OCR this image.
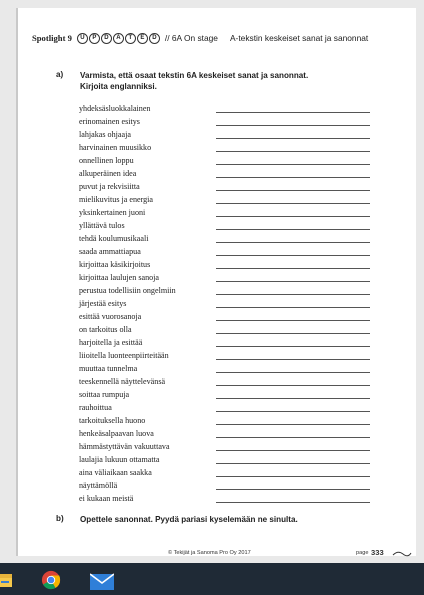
Spotlight 9	U	P	D	A	T	E	D // 6A On stage A-tekstin keskeiset sanat ja sanonnat
a) Varmista, että osaat tekstin 6A keskeiset sanat ja sanonnat.
Kirjoita englanniksi.
yhdeksäsluokkalainen
erinomainen esitys
lahjakas ohjaaja
harvinainen muusikko
onnellinen loppu
alkuperäinen idea
puvut ja rekvisiitta
mielikuvitus ja energia
yksinkertainen juoni
yllättävä tulos
tehdä koulumusikaali
saada ammattiapua
kirjoittaa käsikirjoitus
kirjoittaa laulujen sanoja
perustua todellisiin ongelmiin
järjestää esitys
esittää vuorosanoja
on tarkoitus olla
harjoitella ja esittää
liioitella luonteenpiirteitään
muuttaa tunnelma
teeskennellä näyttelevänsä
soittaa rumpuja
rauhoittua
tarkoituksella huono
henkeäsalpaavan luova
hämmästyttävän vakuuttava
laulajia lukuun ottamatta
aina väliaikaan saakka
näyttämöllä
ei kukaan meistä
b) Opettele sanonnat. Pyydä pariasi kyselemään ne sinulta.
© Tekijät ja Sanoma Pro Oy 2017	page 333
